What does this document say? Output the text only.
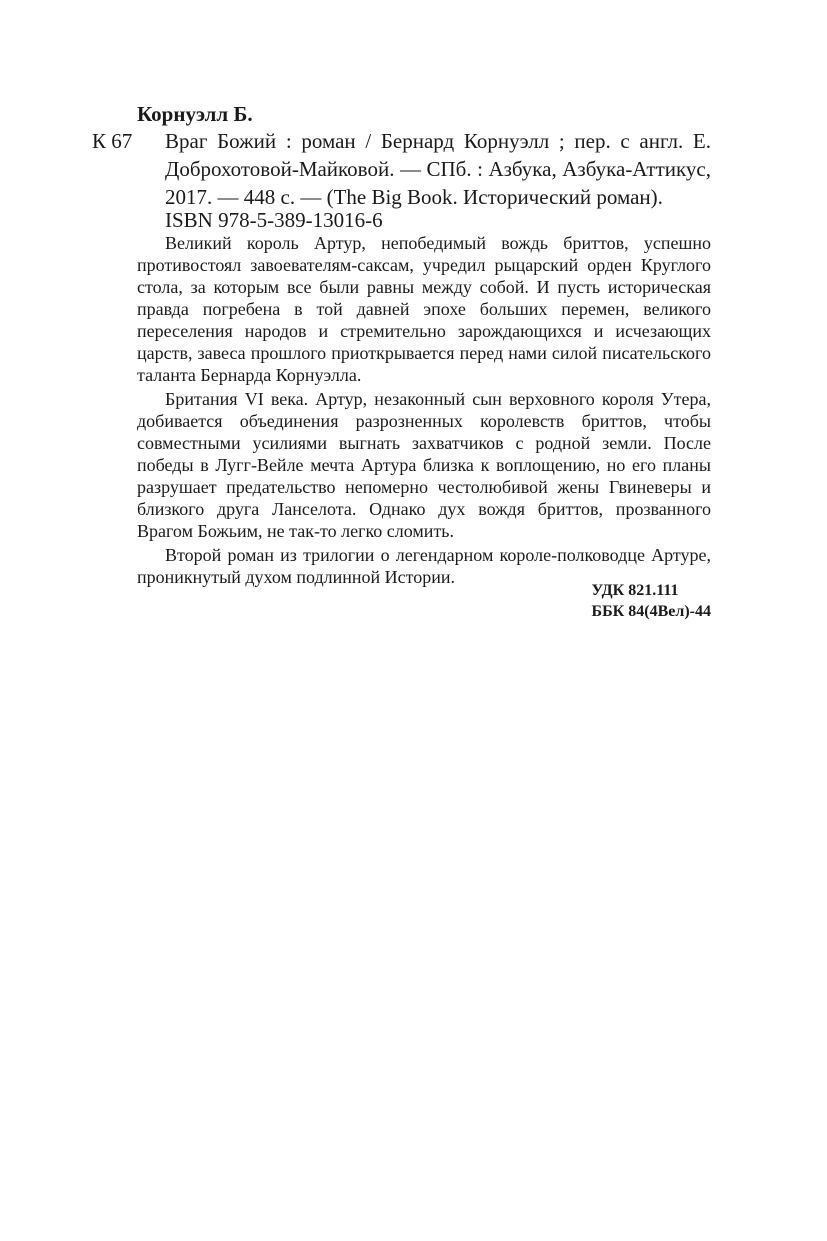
Корнуэлл Б.
К 67 Враг Божий : роман / Бернард Корнуэлл ; пер. с англ. Е. Доброхотовой-Майковой. — СПб. : Азбука, Азбука-Аттикус, 2017. — 448 с. — (The Big Book. Исторический роман).

ISBN 978-5-389-13016-6

Великий король Артур, непобедимый вождь бриттов, успешно противостоял завоевателям-саксам, учредил рыцарский орден Круглого стола, за которым все были равны между собой. И пусть историческая правда погребена в той давней эпохе больших перемен, великого переселения народов и стремительно зарождающихся и исчезающих царств, завеса прошлого приоткрывается перед нами силой писательского таланта Бернарда Корнуэлла.

Британия VI века. Артур, незаконный сын верховного короля Утера, добивается объединения разрозненных королевств бриттов, чтобы совместными усилиями выгнать захватчиков с родной земли. После победы в Лугг-Вейле мечта Артура близка к воплощению, но его планы разрушает предательство непомерно честолюбивой жены Гвиневеры и близкого друга Ланселота. Однако дух вождя бриттов, прозванного Врагом Божьим, не так-то легко сломить.

Второй роман из трилогии о легендарном короле-полководце Артуре, проникнутый духом подлинной Истории.

УДК 821.111
ББК 84(4Вел)-44
